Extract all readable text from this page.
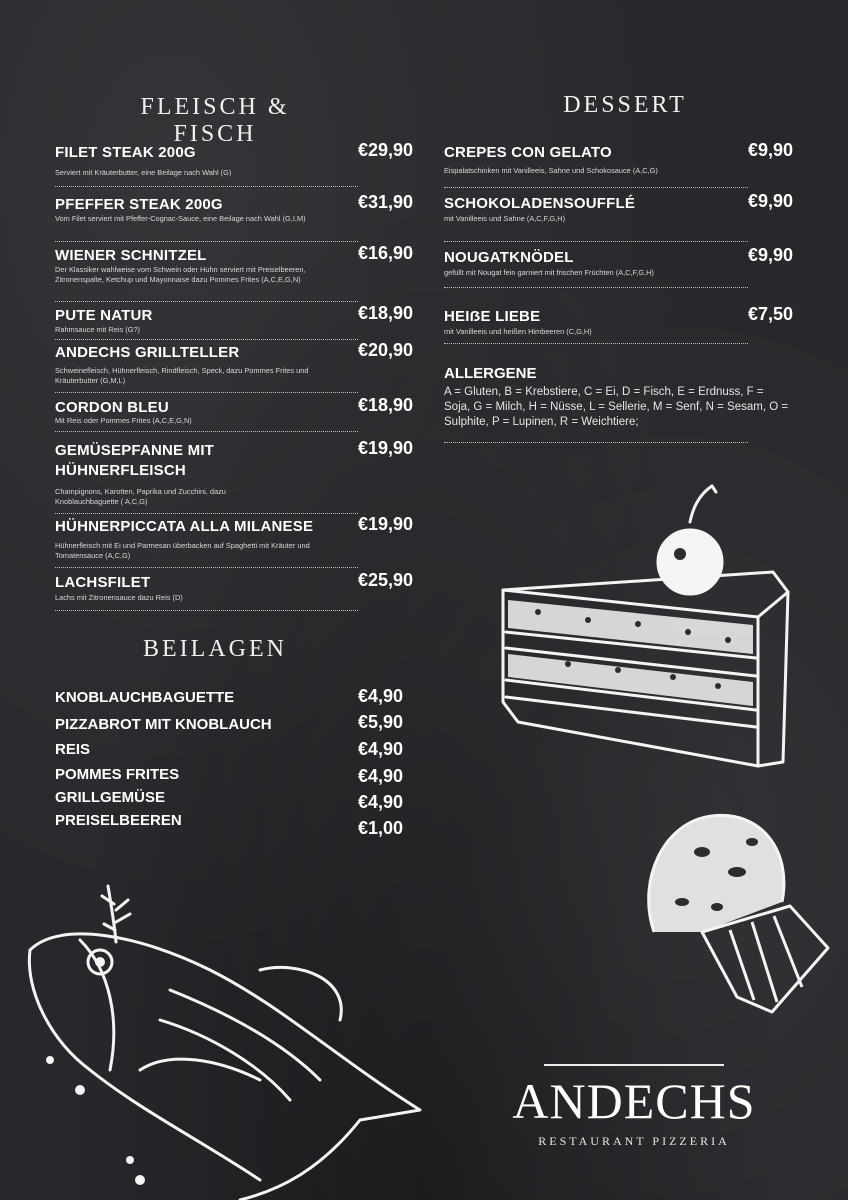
FLEISCH & FISCH
DESSERT
BEILAGEN
FILET STEAK 200G	€29,90
Serviert mit Kräuterbutter, eine Beilage nach Wahl (G)
PFEFFER STEAK 200G	€31,90
Vom Filet serviert mit Pfeffer-Cognac-Sauce, eine Beilage nach Wahl (G,I,M)
WIENER SCHNITZEL	€16,90
Der Klassiker wahlweise vom Schwein oder Huhn serviert mit Preiselbeeren, Zitronenspalte, Ketchup und Mayonnaise dazu Pommes Frites (A,C,E,G,N)
PUTE NATUR	€18,90
Rahmsauce mit Reis (G?)
ANDECHS GRILLTELLER	€20,90
Schweinefleisch, Hühnerfleisch, Rindfleisch, Speck, dazu Pommes Frites und Kräuterbutter (G,M,L)
CORDON BLEU	€18,90
Mit Reis oder Pommes Frites (A,C,E,G,N)
GEMÜSEPFANNE MIT HÜHNERFLEISCH
€19,90
Champignons, Karotten, Paprika und Zucchini, dazu Knoblauchbaguette ( A,C,G)
HÜHNERPICCATA ALLA MILANESE	€19,90
Hühnerfleisch mit Ei und Parmesan überbacken auf Spaghetti mit Kräuter und Tomatensauce (A,C,G)
LACHSFILET	€25,90
Lachs mit Zitronensauce dazu Reis (D)
CREPES CON GELATO	€9,90
Eispalatschinken mit Vanilleeis, Sahne und Schokosauce (A,C,G)
SCHOKOLADENSOUFFLÉ	€9,90
mit Vanilleeis und Sahne (A,C,F,G,H)
NOUGATKNÖDEL	€9,90
gefüllt mit Nougat fein garniert mit frischen Früchten (A,C,F,G,H)
HEIẞE LIEBE	€7,50
mit Vanilleeis und heißen Himbeeren (C,G,H)
ALLERGENE
A = Gluten, B = Krebstiere, C = Ei, D = Fisch, E = Erdnuss, F = Soja, G = Milch, H = Nüsse, L = Sellerie, M = Senf, N = Sesam, O = Sulphite, P = Lupinen, R = Weichtiere;
KNOBLAUCHBAGUETTE	€4,90
PIZZABROT MIT KNOBLAUCH	€5,90
REIS	€4,90
POMMES FRITES	€4,90
GRILLGEMÜSE	€4,90
PREISELBEEREN	€1,00
ANDECHS
RESTAURANT PIZZERIA
